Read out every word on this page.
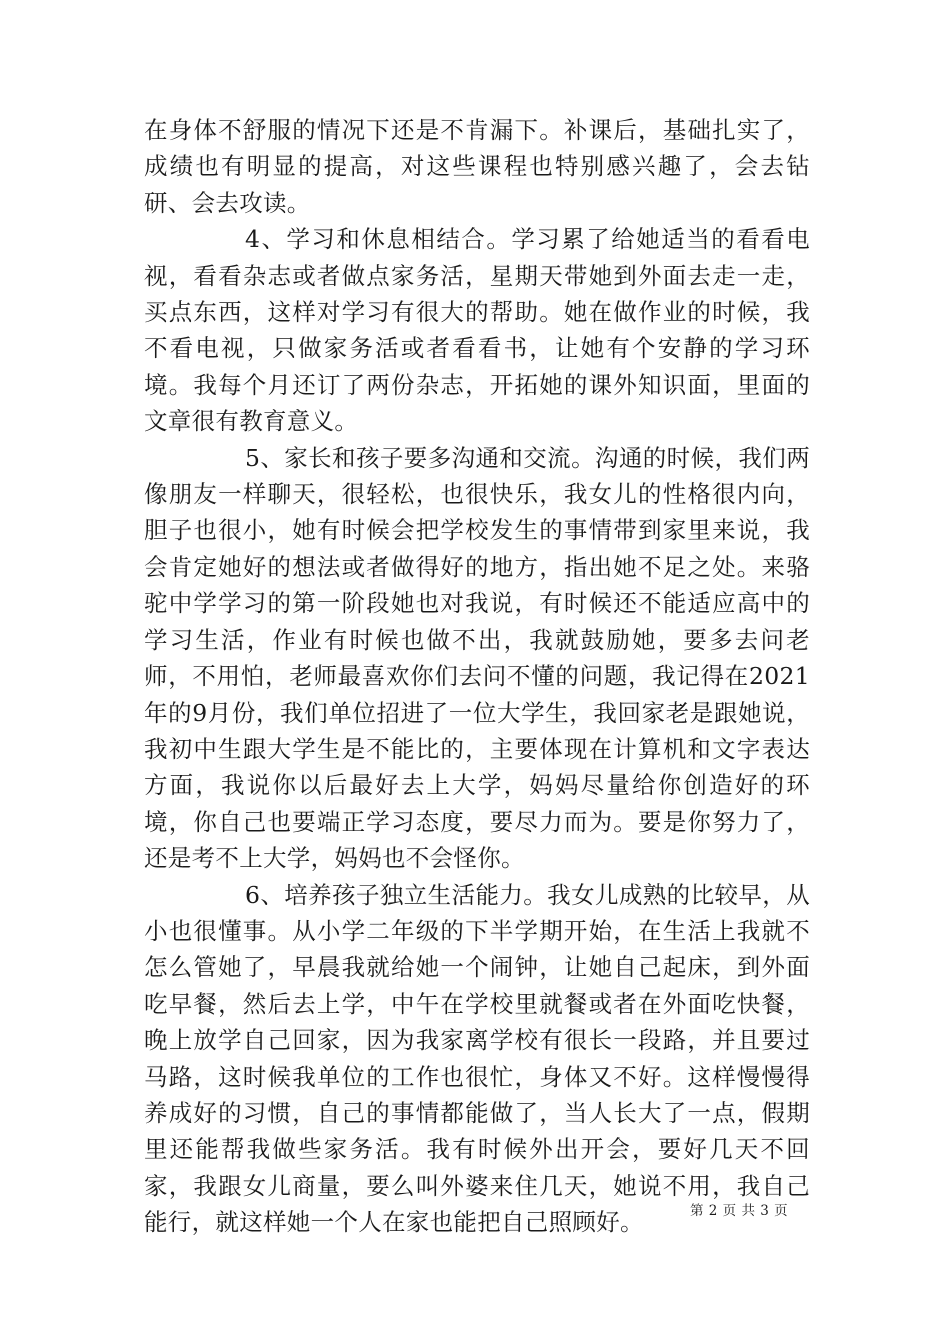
在身体不舒服的情况下还是不肯漏下。补课后，基础扎实了，成绩也有明显的提高，对这些课程也特别感兴趣了，会去钻研、会去攻读。

4、学习和休息相结合。学习累了给她适当的看看电视，看看杂志或者做点家务活，星期天带她到外面去走一走，买点东西，这样对学习有很大的帮助。她在做作业的时候，我不看电视，只做家务活或者看看书，让她有个安静的学习环境。我每个月还订了两份杂志，开拓她的课外知识面，里面的文章很有教育意义。

5、家长和孩子要多沟通和交流。沟通的时候，我们两像朋友一样聊天，很轻松，也很快乐，我女儿的性格很内向，胆子也很小，她有时候会把学校发生的事情带到家里来说，我会肯定她好的想法或者做得好的地方，指出她不足之处。来骆驼中学学习的第一阶段她也对我说，有时候还不能适应高中的学习生活，作业有时候也做不出，我就鼓励她，要多去问老师，不用怕，老师最喜欢你们去问不懂的问题，我记得在2021年的9月份，我们单位招进了一位大学生，我回家老是跟她说，我初中生跟大学生是不能比的，主要体现在计算机和文字表达方面，我说你以后最好去上大学，妈妈尽量给你创造好的环境，你自己也要端正学习态度，要尽力而为。要是你努力了，还是考不上大学，妈妈也不会怪你。

6、培养孩子独立生活能力。我女儿成熟的比较早，从小也很懂事。从小学二年级的下半学期开始，在生活上我就不怎么管她了，早晨我就给她一个闹钟，让她自己起床，到外面吃早餐，然后去上学，中午在学校里就餐或者在外面吃快餐，晚上放学自己回家，因为我家离学校有很长一段路，并且要过马路，这时候我单位的工作也很忙，身体又不好。这样慢慢得养成好的习惯，自己的事情都能做了，当人长大了一点，假期里还能帮我做些家务活。我有时候外出开会，要好几天不回家，我跟女儿商量，要么叫外婆来住几天，她说不用，我自己能行，就这样她一个人在家也能把自己照顾好。	第 2 页 共 3 页
